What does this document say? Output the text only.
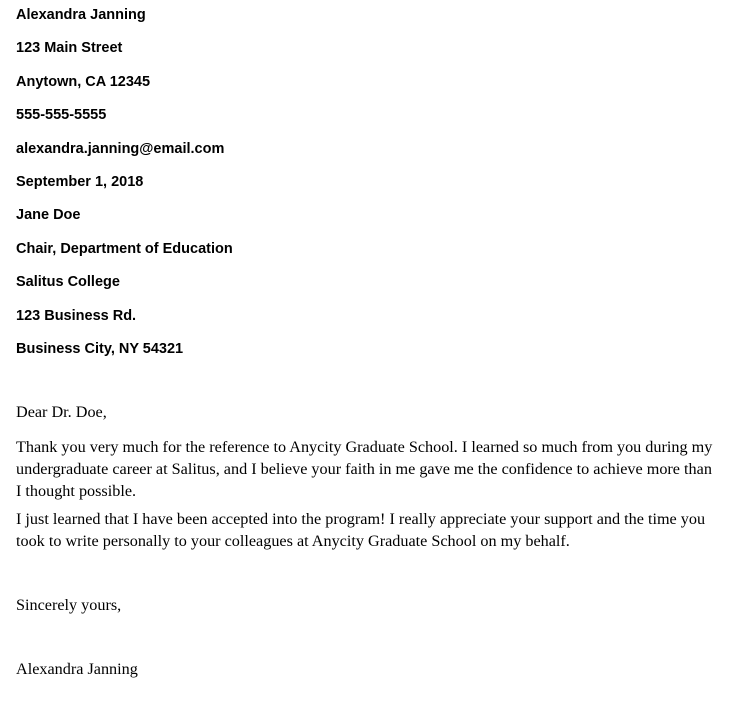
Alexandra Janning
123 Main Street
Anytown, CA 12345
555-555-5555
alexandra.janning@email.com
September 1, 2018
Jane Doe
Chair, Department of Education
Salitus College
123 Business Rd.
Business City, NY 54321
Dear Dr. Doe,

Thank you very much for the reference to Anycity Graduate School. I learned so much from you during my undergraduate career at Salitus, and I believe your faith in me gave me the confidence to achieve more than I thought possible.

I just learned that I have been accepted into the program! I really appreciate your support and the time you took to write personally to your colleagues at Anycity Graduate School on my behalf.

Sincerely yours,
Alexandra Janning
